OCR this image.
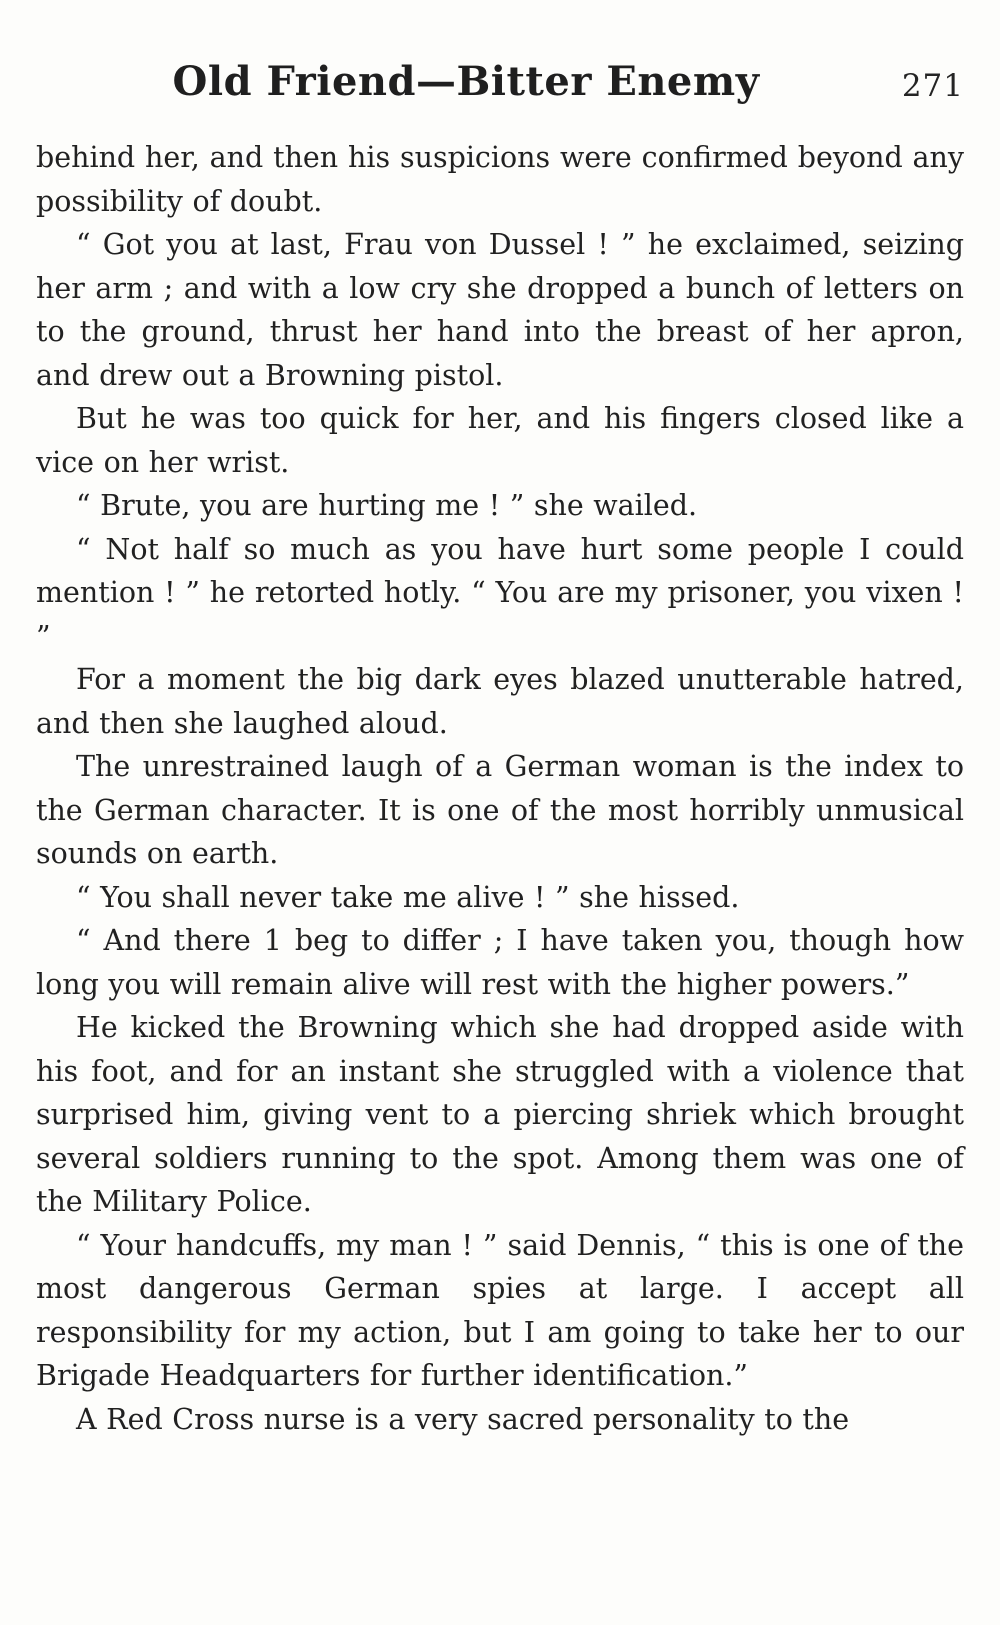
Old Friend—Bitter Enemy	271

behind her, and then his suspicions were confirmed beyond any possibility of doubt.

“ Got you at last, Frau von Dussel ! ” he exclaimed, seizing her arm ; and with a low cry she dropped a bunch of letters on to the ground, thrust her hand into the breast of her apron, and drew out a Browning pistol.

But he was too quick for her, and his fingers closed like a vice on her wrist.

“ Brute, you are hurting me ! ” she wailed.

“ Not half so much as you have hurt some people I could mention ! ” he retorted hotly. “ You are my prisoner, you vixen ! ”

For a moment the big dark eyes blazed unutterable hatred, and then she laughed aloud.

The unrestrained laugh of a German woman is the index to the German character. It is one of the most horribly unmusical sounds on earth.

“ You shall never take me alive ! ” she hissed.

“ And there 1 beg to differ ; I have taken you, though how long you will remain alive will rest with the higher powers.”

He kicked the Browning which she had dropped aside with his foot, and for an instant she struggled with a violence that surprised him, giving vent to a piercing shriek which brought several soldiers running to the spot. Among them was one of the Military Police.

“ Your handcuffs, my man ! ” said Dennis, “ this is one of the most dangerous German spies at large. I accept all responsibility for my action, but I am going to take her to our Brigade Headquarters for further identification.”

A Red Cross nurse is a very sacred personality to the
